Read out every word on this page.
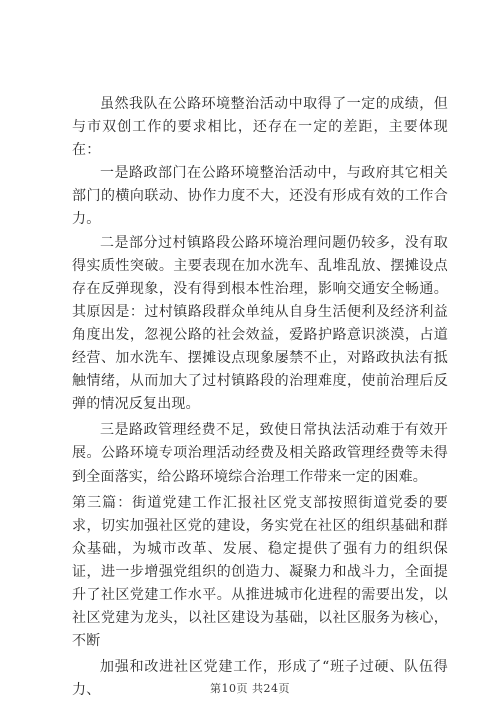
虽然我队在公路环境整治活动中取得了一定的成绩，但与市双创工作的要求相比，还存在一定的差距，主要体现在：

一是路政部门在公路环境整治活动中，与政府其它相关部门的横向联动、协作力度不大，还没有形成有效的工作合力。

二是部分过村镇路段公路环境治理问题仍较多，没有取得实质性突破。主要表现在加水洗车、乱堆乱放、摆摊设点存在反弹现象，没有得到根本性治理，影响交通安全畅通。其原因是：过村镇路段群众单纯从自身生活便利及经济利益角度出发，忽视公路的社会效益，爱路护路意识淡漠，占道经营、加水洗车、摆摊设点现象屡禁不止，对路政执法有抵触情绪，从而加大了过村镇路段的治理难度，使前治理后反弹的情况反复出现。

三是路政管理经费不足，致使日常执法活动难于有效开展。公路环境专项治理活动经费及相关路政管理经费等未得到全面落实，给公路环境综合治理工作带来一定的困难。

第三篇：街道党建工作汇报社区党支部按照街道党委的要求，切实加强社区党的建设，务实党在社区的组织基础和群众基础，为城市改革、发展、稳定提供了强有力的组织保证，进一步增强党组织的创造力、凝聚力和战斗力，全面提升了社区党建工作水平。从推进城市化进程的需要出发，以社区党建为龙头，以社区建设为基础，以社区服务为核心，不断

加强和改进社区党建工作，形成了“班子过硬、队伍得力、	第10页 共24页
